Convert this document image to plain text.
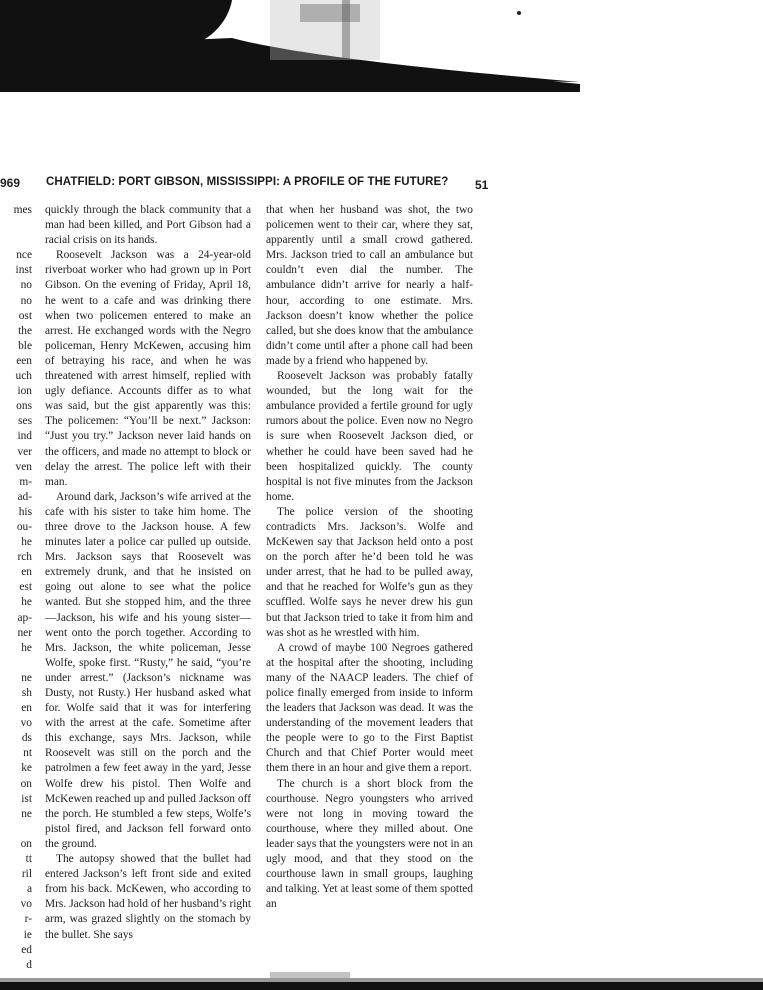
969 CHATFIELD: PORT GIBSON, MISSISSIPPI: A PROFILE OF THE FUTURE? 51
mes
nce
inst
no
no
ost
the
ble
een
uch
ion
ons
ses
ind
ver
ven
m-
ad-
his
ou-
he
rch
en
est
he
ap-
ner
he
ne
sh
en
vo
ds
nt
ke
on
ist
ne
on
tt
ril
a
vo
r-
ie
ed
d

quickly through the black community that a man had been killed, and Port Gibson had a racial crisis on its hands.

Roosevelt Jackson was a 24-year-old riverboat worker who had grown up in Port Gibson. On the evening of Friday, April 18, he went to a cafe and was drinking there when two policemen entered to make an arrest. He exchanged words with the Negro policeman, Henry McKewen, accusing him of betraying his race, and when he was threatened with arrest himself, replied with ugly defiance. Accounts differ as to what was said, but the gist apparently was this: The policemen: “You’ll be next.” Jackson: “Just you try.” Jackson never laid hands on the officers, and made no attempt to block or delay the arrest. The police left with their man.

Around dark, Jackson’s wife arrived at the cafe with his sister to take him home. The three drove to the Jackson house. A few minutes later a police car pulled up outside. Mrs. Jackson says that Roosevelt was extremely drunk, and that he insisted on going out alone to see what the police wanted. But she stopped him, and the three—Jackson, his wife and his young sister—went onto the porch together. According to Mrs. Jackson, the white policeman, Jesse Wolfe, spoke first. “Rusty,” he said, “you’re under arrest.” (Jackson’s nickname was Dusty, not Rusty.) Her husband asked what for. Wolfe said that it was for interfering with the arrest at the cafe. Sometime after this exchange, says Mrs. Jackson, while Roosevelt was still on the porch and the patrolmen a few feet away in the yard, Jesse Wolfe drew his pistol. Then Wolfe and McKewen reached up and pulled Jackson off the porch. He stumbled a few steps, Wolfe’s pistol fired, and Jackson fell forward onto the ground.

The autopsy showed that the bullet had entered Jackson’s left front side and exited from his back. McKewen, who according to Mrs. Jackson had hold of her husband’s right arm, was grazed slightly on the stomach by the bullet. She says

that when her husband was shot, the two policemen went to their car, where they sat, apparently until a small crowd gathered. Mrs. Jackson tried to call an ambulance but couldn’t even dial the number. The ambulance didn’t arrive for nearly a half-hour, according to one estimate. Mrs. Jackson doesn’t know whether the police called, but she does know that the ambulance didn’t come until after a phone call had been made by a friend who happened by.

Roosevelt Jackson was probably fatally wounded, but the long wait for the ambulance provided a fertile ground for ugly rumors about the police. Even now no Negro is sure when Roosevelt Jackson died, or whether he could have been saved had he been hospitalized quickly. The county hospital is not five minutes from the Jackson home.

The police version of the shooting contradicts Mrs. Jackson’s. Wolfe and McKewen say that Jackson held onto a post on the porch after he’d been told he was under arrest, that he had to be pulled away, and that he reached for Wolfe’s gun as they scuffled. Wolfe says he never drew his gun but that Jackson tried to take it from him and was shot as he wrestled with him.

A crowd of maybe 100 Negroes gathered at the hospital after the shooting, including many of the NAACP leaders. The chief of police finally emerged from inside to inform the leaders that Jackson was dead. It was the understanding of the movement leaders that the people were to go to the First Baptist Church and that Chief Porter would meet them there in an hour and give them a report.

The church is a short block from the courthouse. Negro youngsters who arrived were not long in moving toward the courthouse, where they milled about. One leader says that the youngsters were not in an ugly mood, and that they stood on the courthouse lawn in small groups, laughing and talking. Yet at least some of them spotted an
